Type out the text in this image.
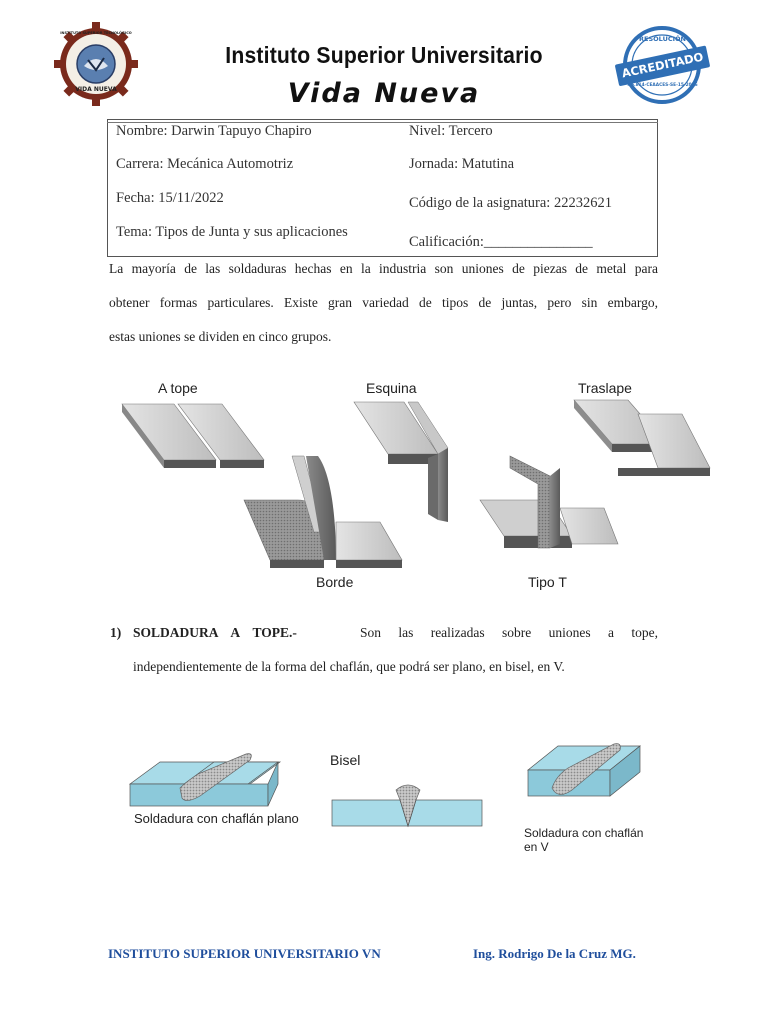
INSTITUTO SUPERIOR TECNOLÓGICO
VIDA NUEVA
RESOLUCIÓN
ACREDITADO
No.814-CEAACES-SE-15-2016
Instituto Superior Universitario
Vida Nueva
Nombre: Darwin Tapuyo Chapiro
Carrera: Mecánica Automotriz
Fecha: 15/11/2022
Tema: Tipos de Junta y sus aplicaciones
Nivel: Tercero
Jornada: Matutina
Código de la asignatura: 22232621
Calificación:_______________
La mayoría de las soldaduras hechas en la industria son uniones de piezas de metal para
obtener formas particulares. Existe gran variedad de tipos de juntas, pero sin embargo,
estas uniones se dividen en cinco grupos.
A tope	Esquina	Traslape
Borde	Tipo T
1) SOLDADURA A TOPE.-	Son las realizadas sobre uniones a tope,
independientemente de la forma del chaflán, que podrá ser plano, en bisel, en V.
Soldadura con chaflán plano
Bisel
Soldadura con chaflán en V
INSTITUTO SUPERIOR UNIVERSITARIO VN	Ing. Rodrigo De la Cruz MG.
